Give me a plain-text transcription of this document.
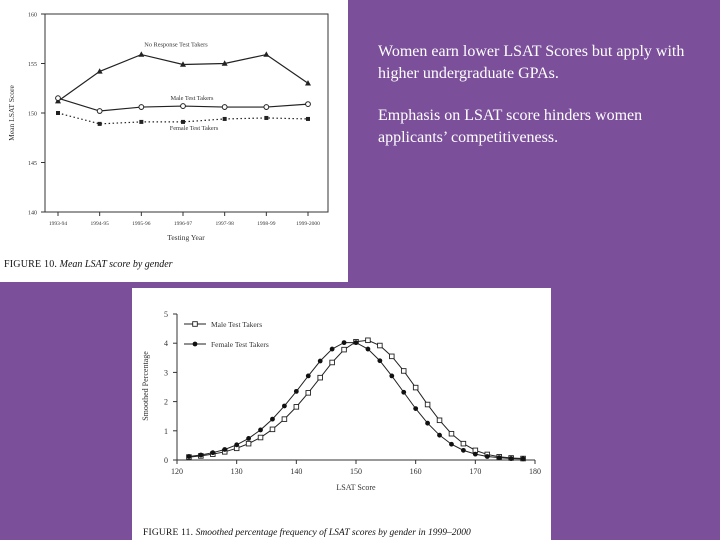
140
145
150
155
160
1993-94	1994-95	1995-96	1996-97	1997-98	1998-99	1999-2000
No Response Test Takers
Male Test Takers
Female Test Takers
Mean LSAT Score
Testing Year
FIGURE 10. Mean LSAT score by gender
0
1
2
3
4
5
120	130	140	150	160	170	180
Male Test Takers
Female Test Takers
Smoothed Percentage
LSAT Score
FIGURE 11. Smoothed percentage frequency of LSAT scores by gender in 1999–2000

Women earn lower LSAT Scores but apply with higher undergraduate GPAs.

Emphasis on LSAT score hinders women applicants’ competitiveness.
